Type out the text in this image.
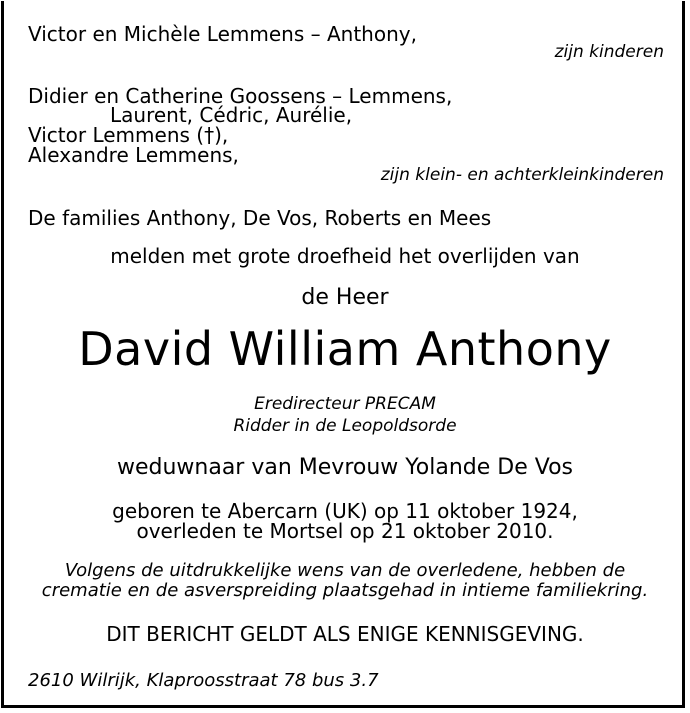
Victor en Michèle Lemmens – Anthony,
zijn kinderen
Didier en Catherine Goossens – Lemmens,
Laurent, Cédric, Aurélie,
Victor Lemmens (†),
Alexandre Lemmens,
zijn klein- en achterkleinkinderen
De families Anthony, De Vos, Roberts en Mees
melden met grote droefheid het overlijden van
de Heer
David William Anthony
Eredirecteur PRECAM
Ridder in de Leopoldsorde
weduwnaar van Mevrouw Yolande De Vos
geboren te Abercarn (UK) op 11 oktober 1924,
overleden te Mortsel op 21 oktober 2010.
Volgens de uitdrukkelijke wens van de overledene, hebben de
crematie en de asverspreiding plaatsgehad in intieme familiekring.
DIT BERICHT GELDT ALS ENIGE KENNISGEVING.
2610 Wilrijk, Klaproosstraat 78 bus 3.7
